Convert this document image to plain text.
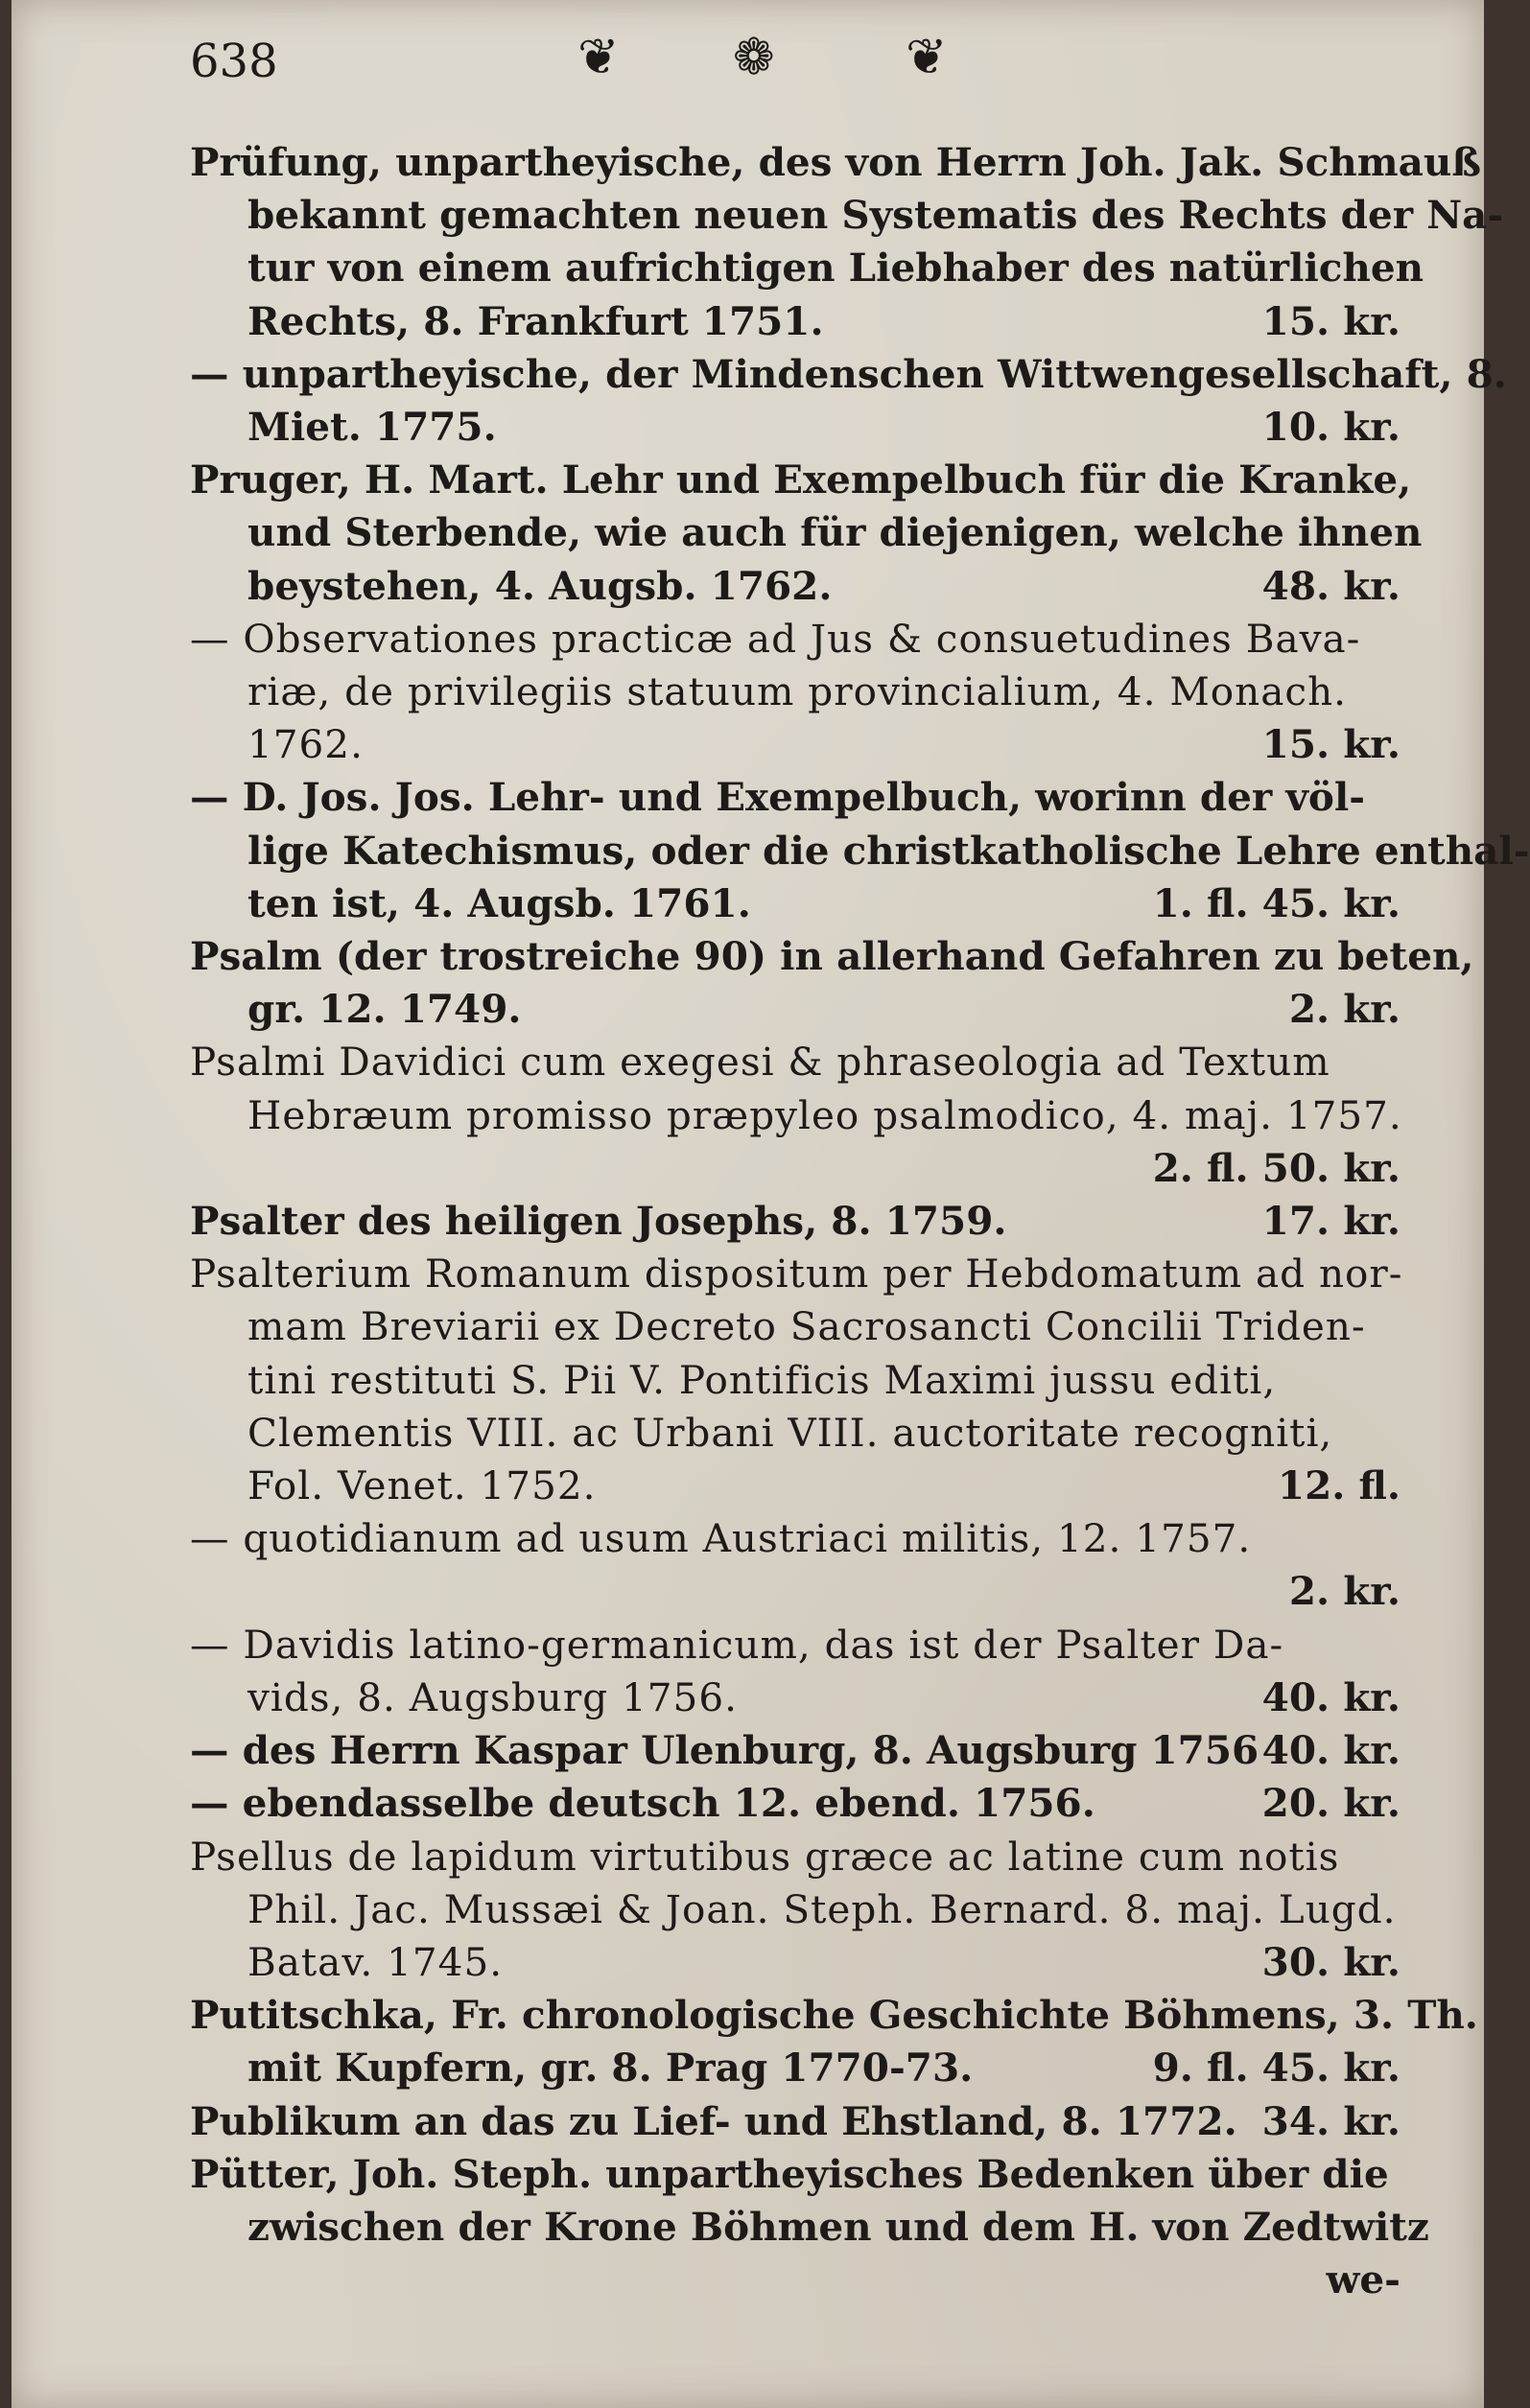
638	❦ ❁	❦
Prüfung, unpartheyische, des von Herrn Joh. Jak. Schmauß
bekannt gemachten neuen Systematis des Rechts der Na-
tur von einem aufrichtigen Liebhaber des natürlichen
Rechts, 8. Frankfurt 1751.	15. kr.
— unpartheyische, der Mindenschen Wittwengesellschaft, 8.
Miet. 1775.	10. kr.
Pruger, H. Mart. Lehr und Exempelbuch für die Kranke,
und Sterbende, wie auch für diejenigen, welche ihnen
beystehen, 4. Augsb. 1762.	48. kr.
— Observationes practicæ ad Jus & consuetudines Bava-
riæ, de privilegiis statuum provincialium, 4. Monach.
1762.	15. kr.
— D. Jos. Jos. Lehr- und Exempelbuch, worinn der völ-
lige Katechismus, oder die christkatholische Lehre enthal-
ten ist, 4. Augsb. 1761.	1. fl. 45. kr.
Psalm (der trostreiche 90) in allerhand Gefahren zu beten,
gr. 12. 1749.	2. kr.
Psalmi Davidici cum exegesi & phraseologia ad Textum
Hebræum promisso præpyleo psalmodico, 4. maj. 1757.
2. fl. 50. kr.
Psalter des heiligen Josephs, 8. 1759.	17. kr.
Psalterium Romanum dispositum per Hebdomatum ad nor-
mam Breviarii ex Decreto Sacrosancti Concilii Triden-
tini restituti S. Pii V. Pontificis Maximi jussu editi,
Clementis VIII. ac Urbani VIII. auctoritate recogniti,
Fol. Venet. 1752.	12. fl.
— quotidianum ad usum Austriaci militis, 12. 1757.
2. kr.
— Davidis latino-germanicum, das ist der Psalter Da-
vids, 8. Augsburg 1756.	40. kr.
— des Herrn Kaspar Ulenburg, 8. Augsburg 1756 40. kr.
— ebendasselbe deutsch 12. ebend. 1756.	20. kr.
Psellus de lapidum virtutibus græce ac latine cum notis
Phil. Jac. Mussæi & Joan. Steph. Bernard. 8. maj. Lugd.
Batav. 1745.	30. kr.
Putitschka, Fr. chronologische Geschichte Böhmens, 3. Th.
mit Kupfern, gr. 8. Prag 1770-73.	9. fl. 45. kr.
Publikum an das zu Lief- und Ehstland, 8. 1772. 34. kr.
Pütter, Joh. Steph. unpartheyisches Bedenken über die
zwischen der Krone Böhmen und dem H. von Zedtwitz
we-
